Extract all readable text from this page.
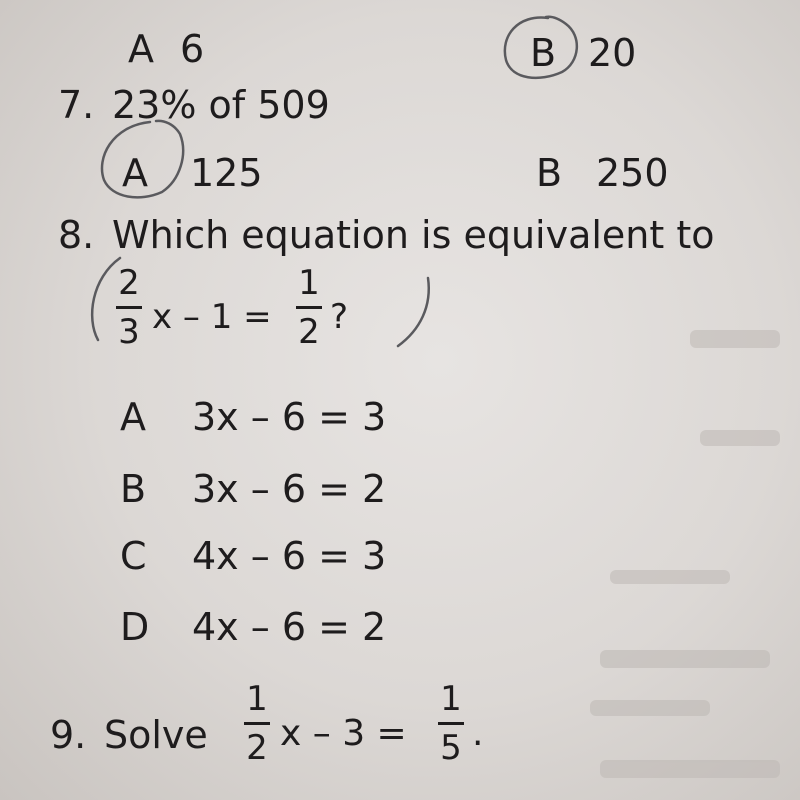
A 6	B 20
7. 23% of 509
A 125	B 250
8. Which equation is equivalent to
2
3 x – 1 =
1
2 ?
A 3x – 6 = 3
B 3x – 6 = 2
C 4x – 6 = 3
D 4x – 6 = 2
9. Solve
1
2 x – 3 =
1
5 .
